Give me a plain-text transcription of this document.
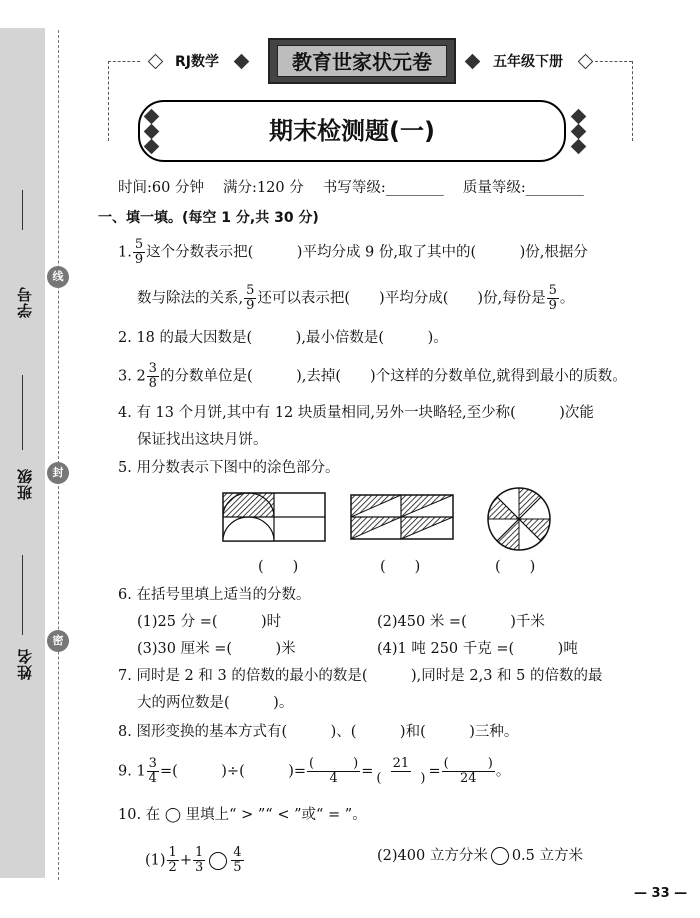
学号
班级
姓名
线
封
密
RJ数学	教育世家状元卷	五年级下册
期末检测题(一)
时间:60 分钟　 满分:120 分　 书写等级:________　 质量等级:________
一、填一填。(每空 1 分,共 30 分)
1. $\frac{5}{9}$ 这个分数表示把(　　　)平均分成 9 份,取了其中的(　　　)份,根据分
数与除法的关系, $\frac{5}{9}$ 还可以表示把(　　)平均分成(　　)份,每份是 $\frac{5}{9}$ 。
2. 18 的最大因数是(　　　),最小倍数是(　　　)。
3. $2 \frac{3}{8}$ 的分数单位是(　　　),去掉(　　)个这样的分数单位,就得到最小的质数。
4. 有 13 个月饼,其中有 12 块质量相同,另外一块略轻,至少称(　　　)次能
保证找出这块月饼。
5. 用分数表示下图中的涂色部分。
(　　)	(　　)	(　　)
6. 在括号里填上适当的分数。
(1)25 分 =(　　　)时	(2)450 米 =(　　　)千米
(3)30 厘米 =(　　　)米	(4)1 吨 250 千克 =(　　　)吨
7. 同时是 2 和 3 的倍数的最小的数是(　　　),同时是 2,3 和 5 的倍数的最
大的两位数是(　　　)。
8. 图形变换的基本方式有(　　　)、(　　　)和(　　　)三种。
9. $1 \frac{3}{4}$ =(　　　)÷(　　　)= $\frac{( )}{4} = \frac{21}{( )} = \frac{( )}{24}$ 。
10. 在 ◯ 里填上“ > ”“ < ”或“ = ”。
$(1) \frac{1}{2} + \frac{1}{3} \frac{4}{5}$	(2)400 立方分米 0.5 立方米
— 33 —
